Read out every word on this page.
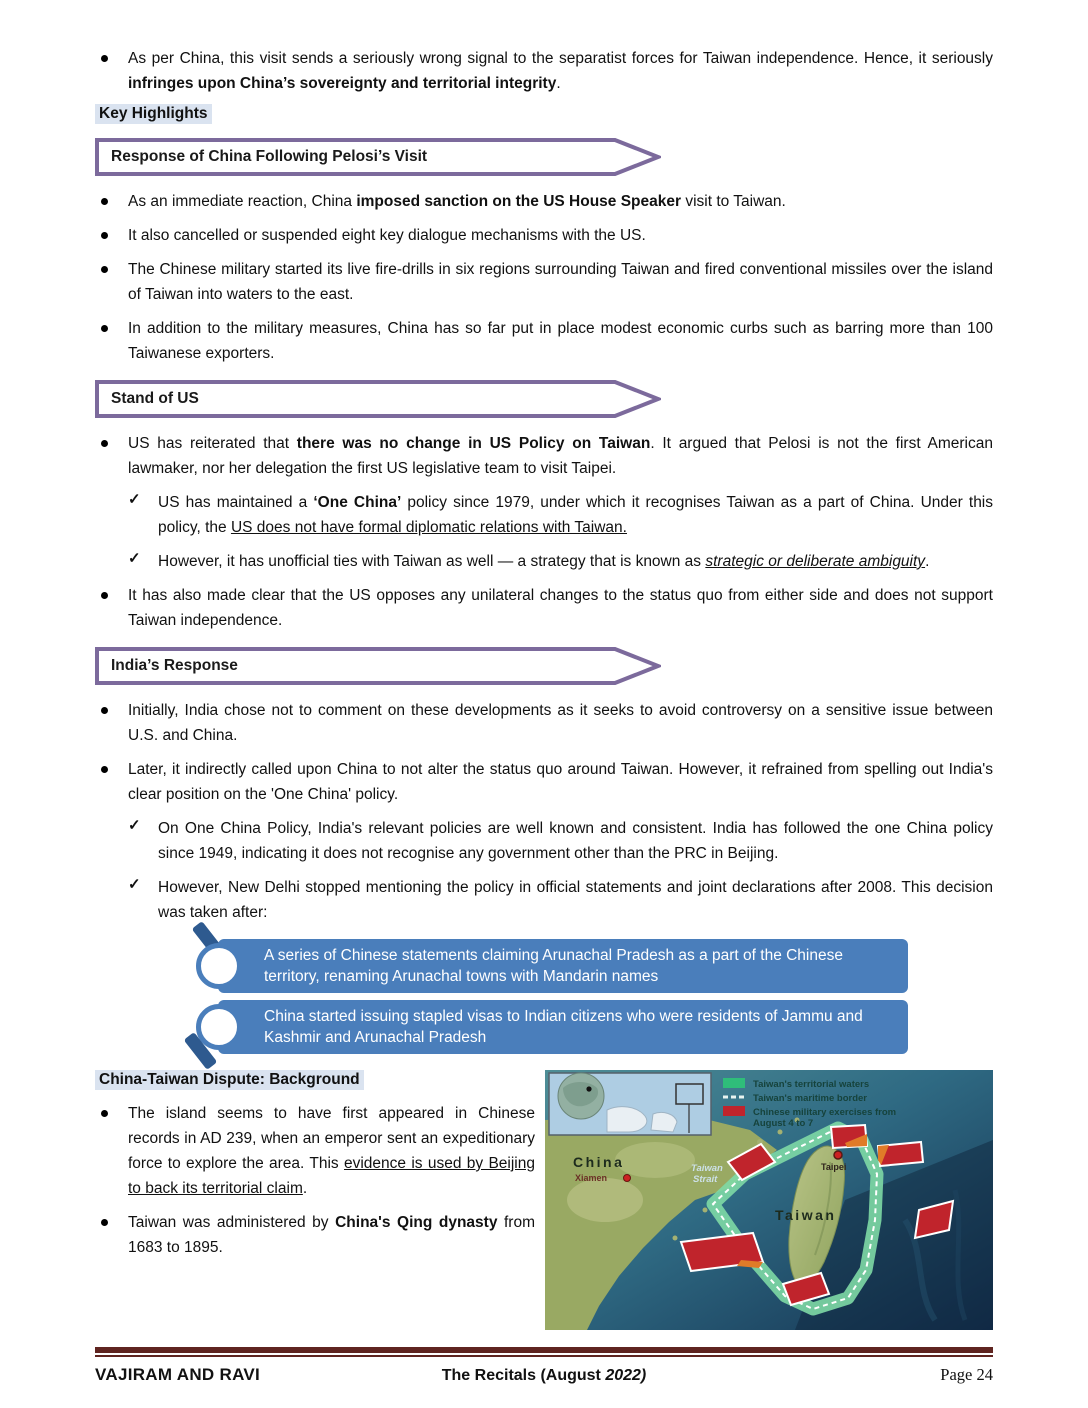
As per China, this visit sends a seriously wrong signal to the separatist forces for Taiwan independence. Hence, it seriously infringes upon China’s sovereignty and territorial integrity.
Key Highlights
Response of China Following Pelosi’s Visit
As an immediate reaction, China imposed sanction on the US House Speaker visit to Taiwan.
It also cancelled or suspended eight key dialogue mechanisms with the US.
The Chinese military started its live fire-drills in six regions surrounding Taiwan and fired conventional missiles over the island of Taiwan into waters to the east.
In addition to the military measures, China has so far put in place modest economic curbs such as barring more than 100 Taiwanese exporters.
Stand of US
US has reiterated that there was no change in US Policy on Taiwan. It argued that Pelosi is not the first American lawmaker, nor her delegation the first US legislative team to visit Taipei.
✓	US has maintained a ‘One China’ policy since 1979, under which it recognises Taiwan as a part of China. Under this policy, the US does not have formal diplomatic relations with Taiwan.
✓	However, it has unofficial ties with Taiwan as well — a strategy that is known as strategic or deliberate ambiguity.
It has also made clear that the US opposes any unilateral changes to the status quo from either side and does not support Taiwan independence.
India’s Response
Initially, India chose not to comment on these developments as it seeks to avoid controversy on a sensitive issue between U.S. and China.
Later, it indirectly called upon China to not alter the status quo around Taiwan. However, it refrained from spelling out India's clear position on the 'One China' policy.
✓	On One China Policy, India's relevant policies are well known and consistent. India has followed the one China policy since 1949, indicating it does not recognise any government other than the PRC in Beijing.
✓	However, New Delhi stopped mentioning the policy in official statements and joint declarations after 2008. This decision was taken after:
A series of Chinese statements claiming Arunachal Pradesh as a part of the Chinese territory, renaming Arunachal towns with Mandarin names
China started issuing stapled visas to Indian citizens who were residents of Jammu and Kashmir and Arunachal Pradesh
China-Taiwan Dispute: Background
The island seems to have first appeared in Chinese records in AD 239, when an emperor sent an expeditionary force to explore the area. This evidence is used by Beijing to back its territorial claim.
Taiwan was administered by China's Qing dynasty from 1683 to 1895.
Taiwan's territorial waters
Taiwan's maritime border
Chinese military exercises from
August 4 to 7
China
Xiamen
Taiwan
Strait
Taipei
Taiwan
VAJIRAM AND RAVI	The Recitals (August 2022)	Page 24
